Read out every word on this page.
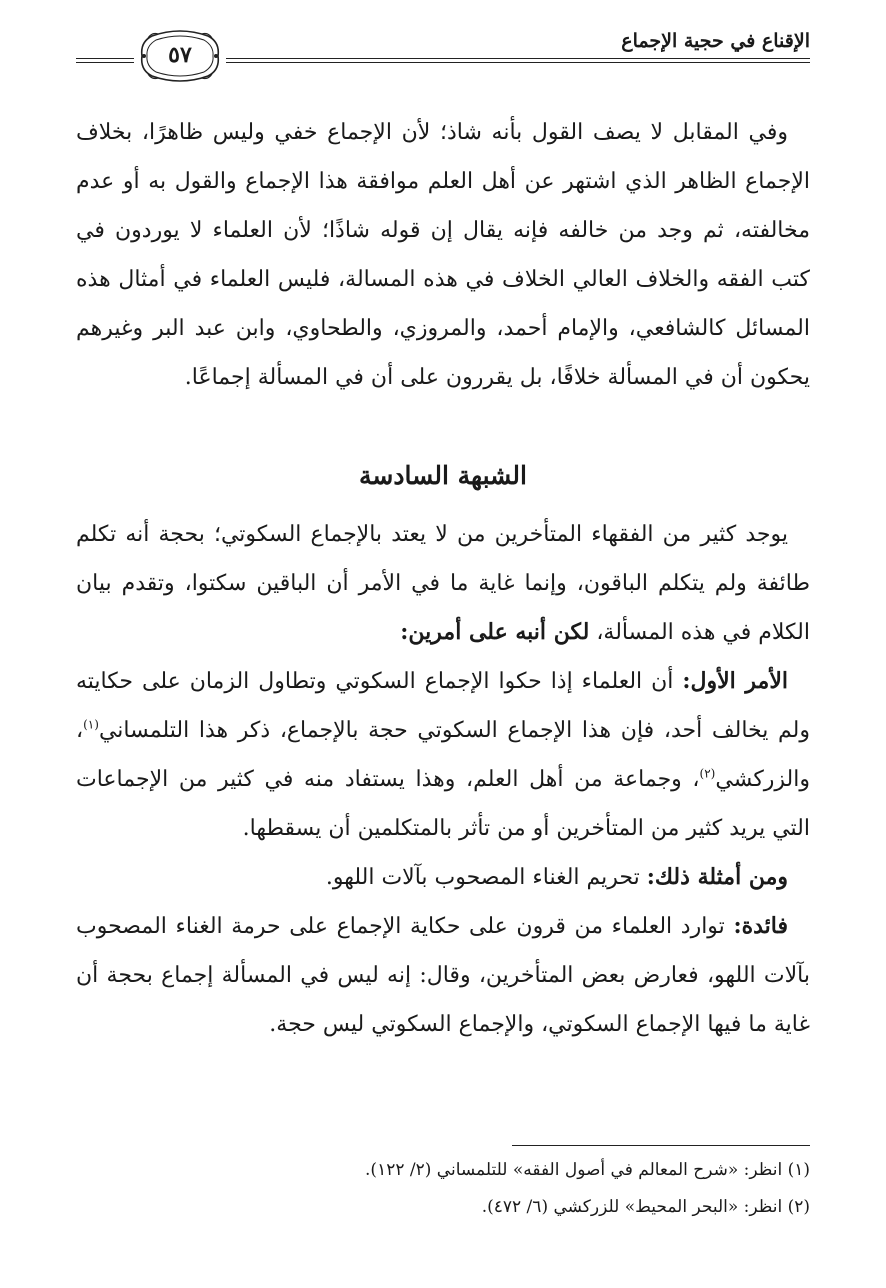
الإقناع في حجية الإجماع
٥٧

وفي المقابل لا يصف القول بأنه شاذ؛ لأن الإجماع خفي وليس ظاهرًا، بخلاف الإجماع الظاهر الذي اشتهر عن أهل العلم موافقة هذا الإجماع والقول به أو عدم مخالفته، ثم وجد من خالفه فإنه يقال إن قوله شاذًا؛ لأن العلماء لا يوردون في كتب الفقه والخلاف العالي الخلاف في هذه المسالة، فليس العلماء في أمثال هذه المسائل كالشافعي، والإمام أحمد، والمروزي، والطحاوي، وابن عبد البر وغيرهم يحكون أن في المسألة خلافًا، بل يقررون على أن في المسألة إجماعًا.

الشبهة السادسة

يوجد كثير من الفقهاء المتأخرين من لا يعتد بالإجماع السكوتي؛ بحجة أنه تكلم طائفة ولم يتكلم الباقون، وإنما غاية ما في الأمر أن الباقين سكتوا، وتقدم بيان الكلام في هذه المسألة، لكن أنبه على أمرين:

الأمر الأول: أن العلماء إذا حكوا الإجماع السكوتي وتطاول الزمان على حكايته ولم يخالف أحد، فإن هذا الإجماع السكوتي حجة بالإجماع، ذكر هذا التلمساني$^{(١)}$، والزركشي$^{(٢)}$، وجماعة من أهل العلم، وهذا يستفاد منه في كثير من الإجماعات التي يريد كثير من المتأخرين أو من تأثر بالمتكلمين أن يسقطها.

ومن أمثلة ذلك: تحريم الغناء المصحوب بآلات اللهو.

فائدة: توارد العلماء من قرون على حكاية الإجماع على حرمة الغناء المصحوب بآلات اللهو، فعارض بعض المتأخرين، وقال: إنه ليس في المسألة إجماع بحجة أن غاية ما فيها الإجماع السكوتي، والإجماع السكوتي ليس حجة.

(١) انظر: «شرح المعالم في أصول الفقه» للتلمساني (٢/ ١٢٢).

(٢) انظر: «البحر المحيط» للزركشي (٦/ ٤٧٢).
